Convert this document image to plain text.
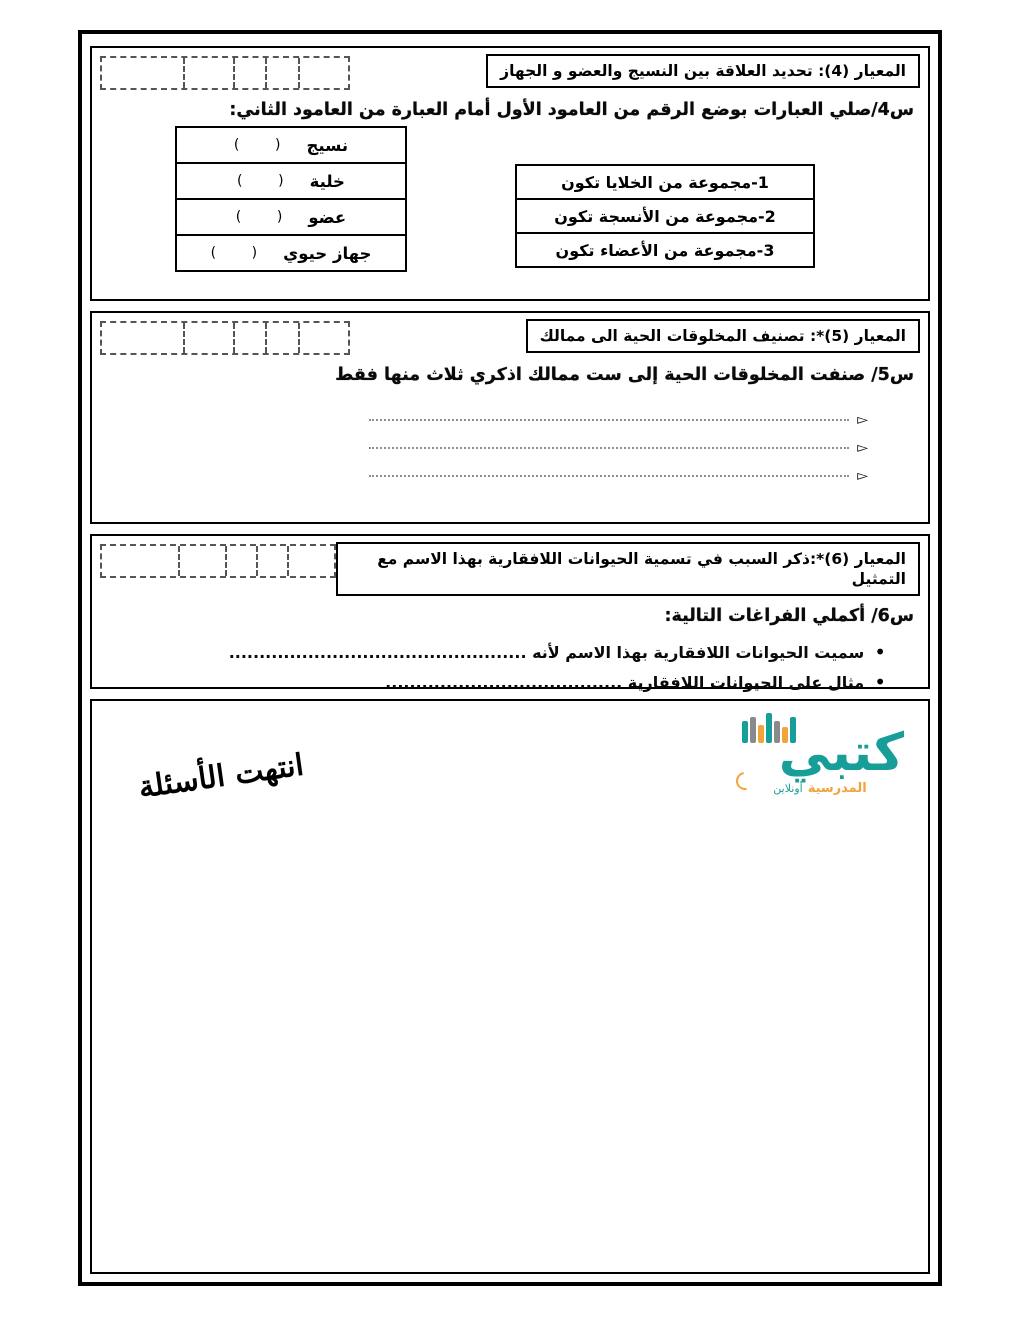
المعيار (4): تحديد العلاقة بين النسيج والعضو و الجهاز
س4/صلي العبارات بوضع الرقم من العامود الأول أمام العبارة من العامود الثاني:
1-مجموعة من الخلايا تكون
2-مجموعة من الأنسجة تكون
3-مجموعة من الأعضاء تكون
نسيج
(        )
خلية
(        )
عضو
(        )
جهاز حيوي
(        )
المعيار (5)*: تصنيف المخلوقات الحية الى ممالك
س5/ صنفت المخلوقات الحية إلى ست ممالك اذكري ثلاث منها فقط
▻
▻
▻
المعيار (6)*:ذكر السبب في تسمية الحيوانات اللافقارية بهذا الاسم مع التمثيل
س6/ أكملي الفراغات التالية:
•
سميت الحيوانات اللافقارية بهذا الاسم لأنه .................................................
•
مثال على الحيوانات اللافقارية .......................................
كتبي
المدرسية
أونلاين
انتهت الأسئلة
